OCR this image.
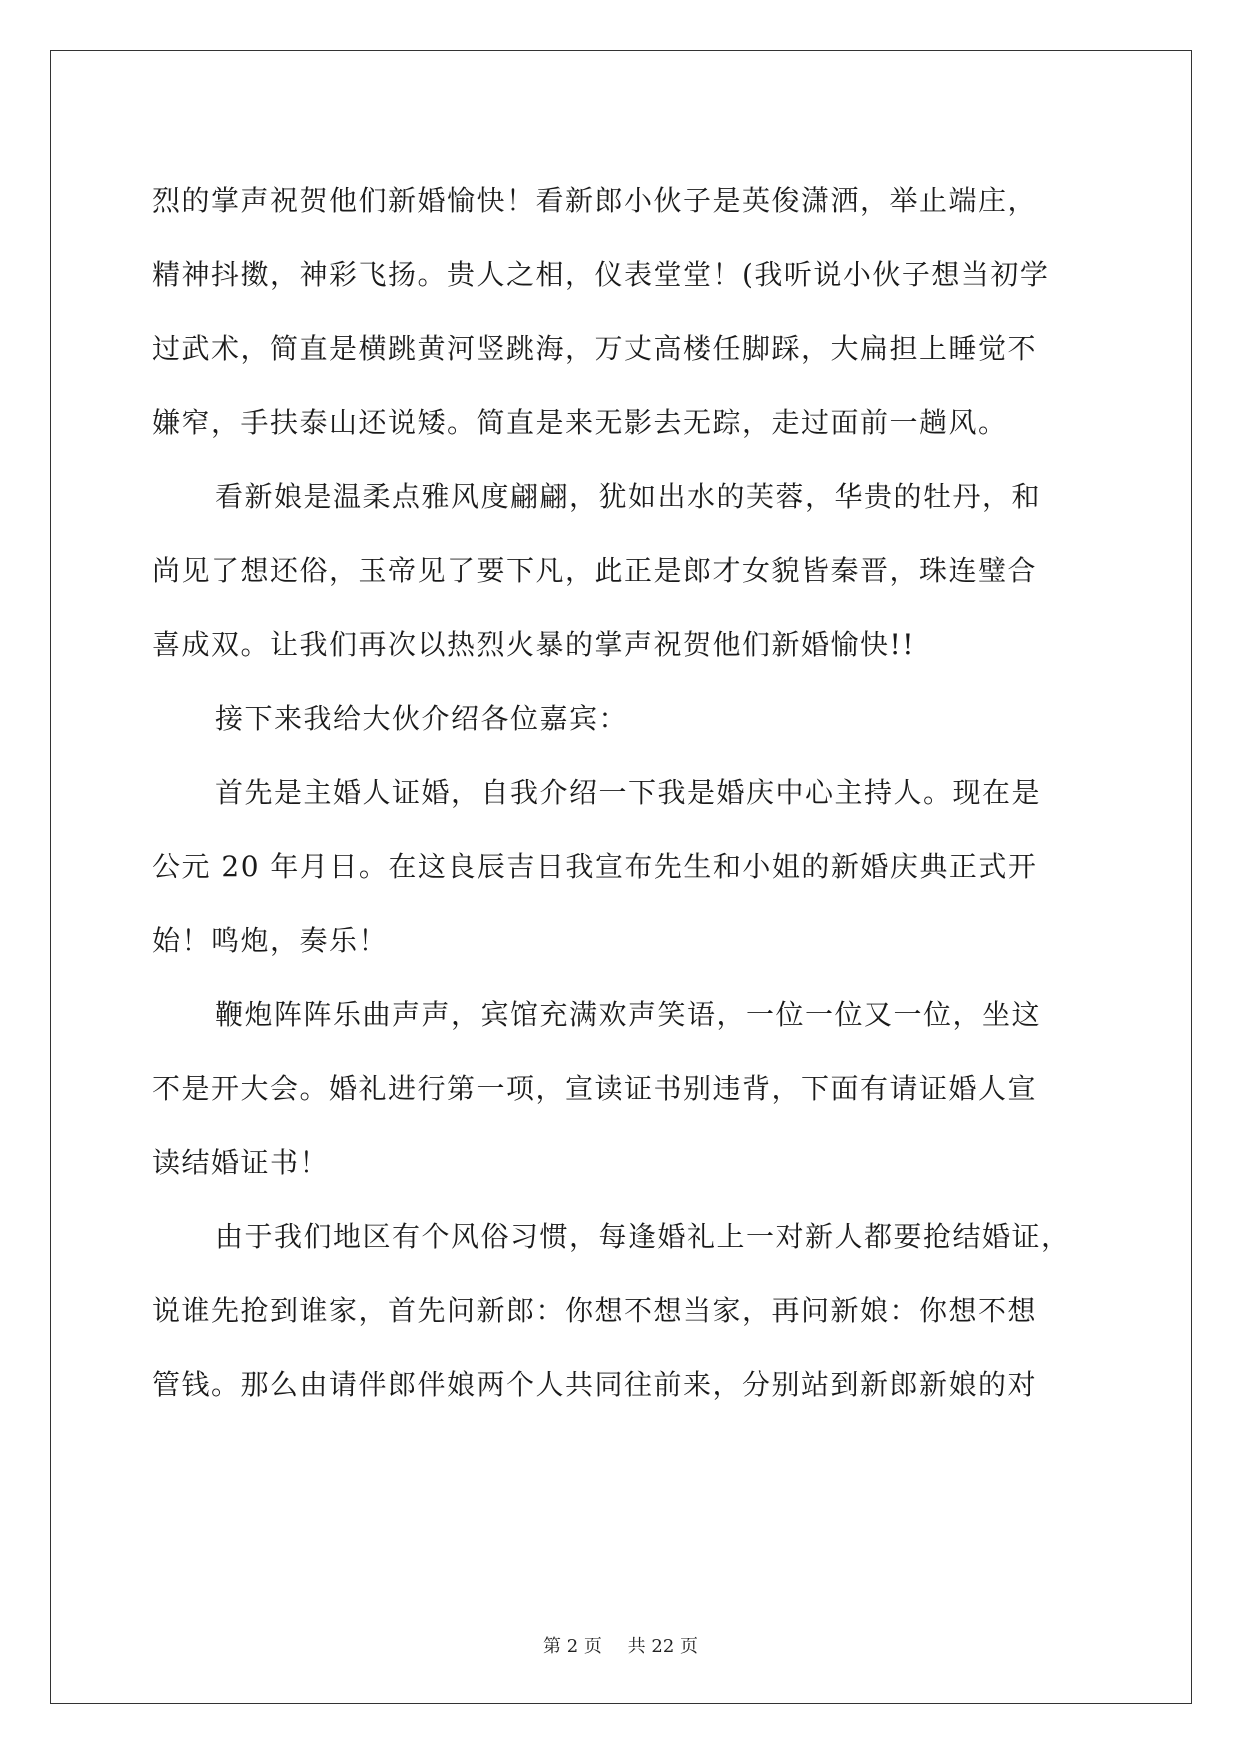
烈的掌声祝贺他们新婚愉快！看新郎小伙子是英俊潇洒，举止端庄，
精神抖擞，神彩飞扬。贵人之相，仪表堂堂！(我听说小伙子想当初学
过武术，简直是横跳黄河竖跳海，万丈高楼任脚踩，大扁担上睡觉不
嫌窄，手扶泰山还说矮。简直是来无影去无踪，走过面前一趟风。
看新娘是温柔点雅风度翩翩，犹如出水的芙蓉，华贵的牡丹，和
尚见了想还俗，玉帝见了要下凡，此正是郎才女貌皆秦晋，珠连璧合
喜成双。让我们再次以热烈火暴的掌声祝贺他们新婚愉快!!
接下来我给大伙介绍各位嘉宾：
首先是主婚人证婚，自我介绍一下我是婚庆中心主持人。现在是
公元 20 年月日。在这良辰吉日我宣布先生和小姐的新婚庆典正式开
始！鸣炮，奏乐！
鞭炮阵阵乐曲声声，宾馆充满欢声笑语，一位一位又一位，坐这
不是开大会。婚礼进行第一项，宣读证书别违背，下面有请证婚人宣
读结婚证书！
由于我们地区有个风俗习惯，每逢婚礼上一对新人都要抢结婚证，
说谁先抢到谁家，首先问新郎：你想不想当家，再问新娘：你想不想
管钱。那么由请伴郎伴娘两个人共同往前来，分别站到新郎新娘的对
第 2 页 共 22 页
